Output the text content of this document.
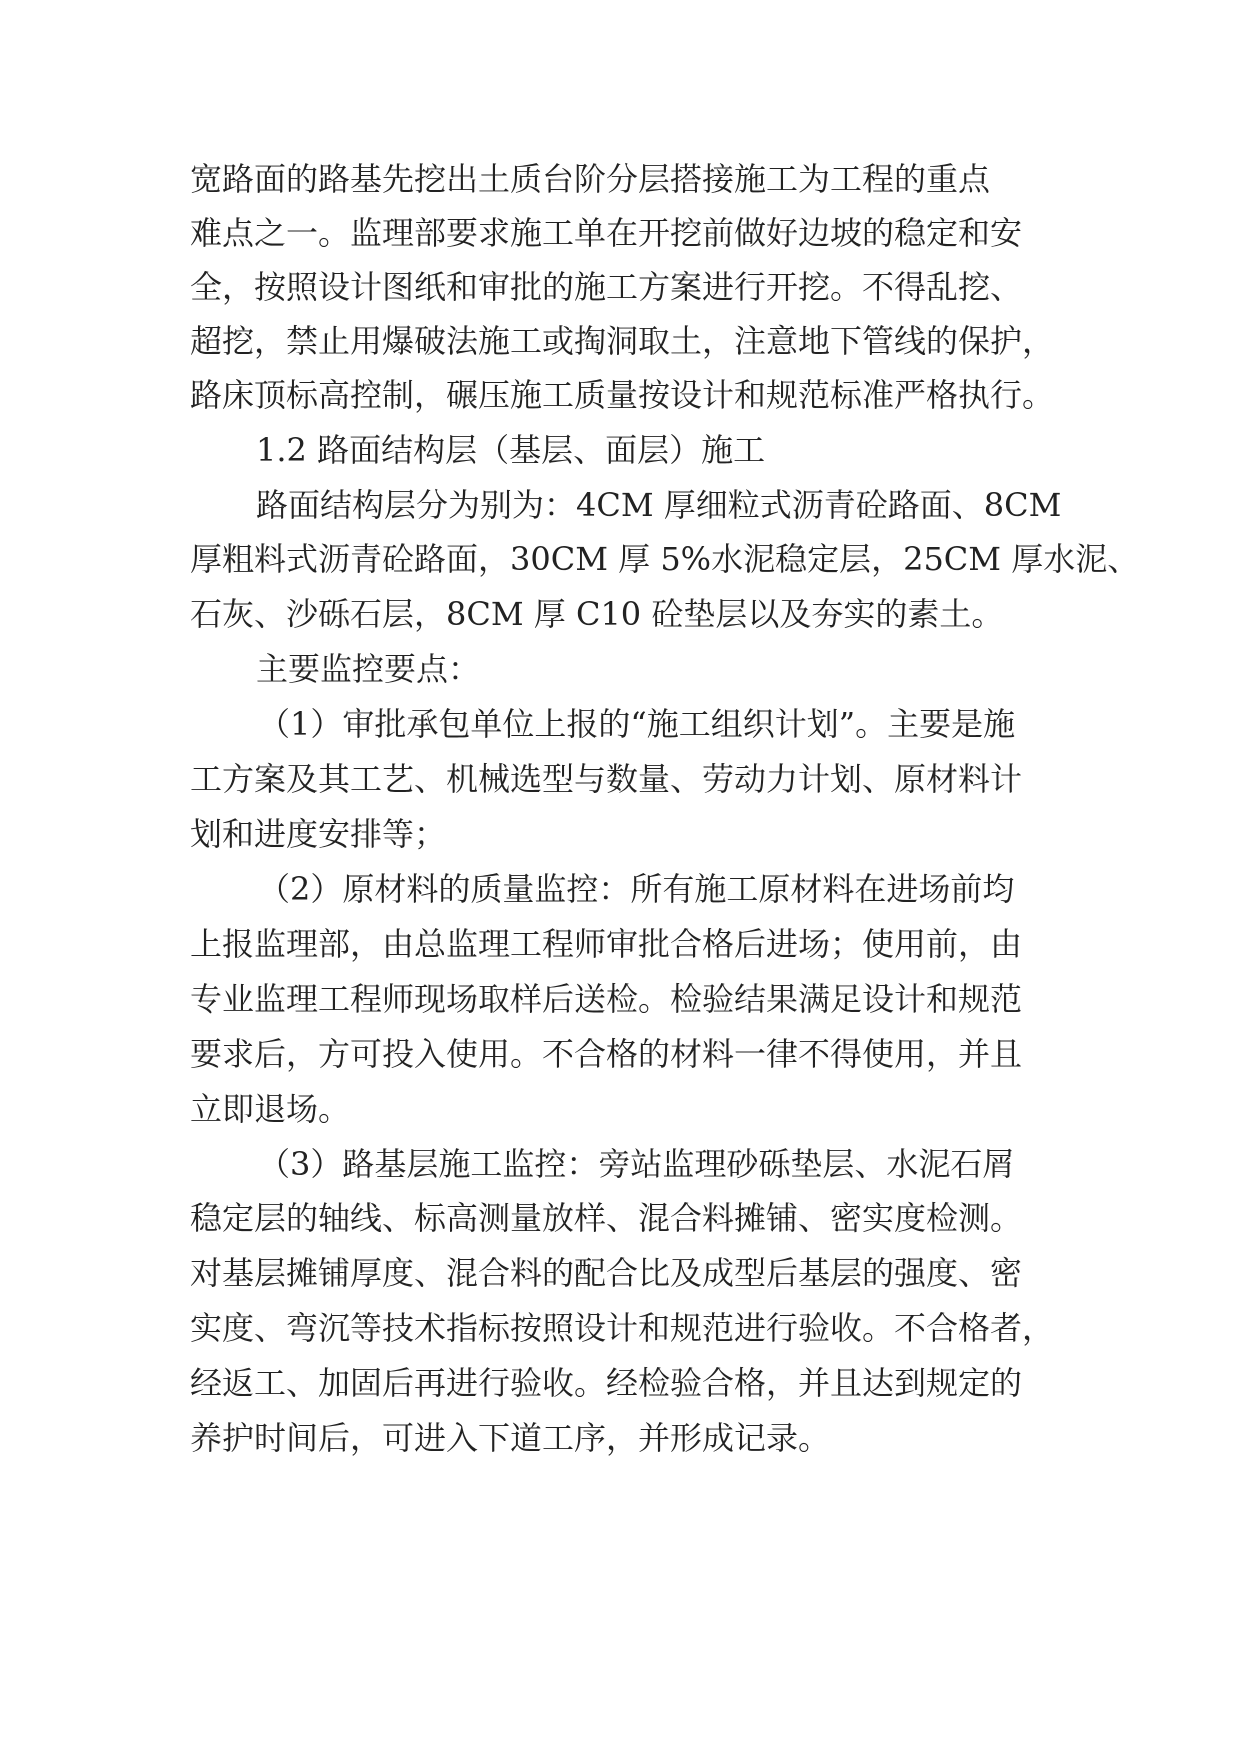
宽路面的路基先挖出土质台阶分层搭接施工为工程的重点
难点之一。监理部要求施工单在开挖前做好边坡的稳定和安
全，按照设计图纸和审批的施工方案进行开挖。不得乱挖、
超挖，禁止用爆破法施工或掏洞取土，注意地下管线的保护，
路床顶标高控制，碾压施工质量按设计和规范标准严格执行。
1.2 路面结构层（基层、面层）施工
路面结构层分为别为：4CM 厚细粒式沥青砼路面、8CM
厚粗料式沥青砼路面，30CM 厚 5%水泥稳定层，25CM 厚水泥、
石灰、沙砾石层，8CM 厚 C10 砼垫层以及夯实的素土。
主要监控要点：
（1）审批承包单位上报的“施工组织计划”。主要是施
工方案及其工艺、机械选型与数量、劳动力计划、原材料计
划和进度安排等；
（2）原材料的质量监控：所有施工原材料在进场前均
上报监理部，由总监理工程师审批合格后进场；使用前，由
专业监理工程师现场取样后送检。检验结果满足设计和规范
要求后，方可投入使用。不合格的材料一律不得使用，并且
立即退场。
（3）路基层施工监控：旁站监理砂砾垫层、水泥石屑
稳定层的轴线、标高测量放样、混合料摊铺、密实度检测。
对基层摊铺厚度、混合料的配合比及成型后基层的强度、密
实度、弯沉等技术指标按照设计和规范进行验收。不合格者，
经返工、加固后再进行验收。经检验合格，并且达到规定的
养护时间后，可进入下道工序，并形成记录。
